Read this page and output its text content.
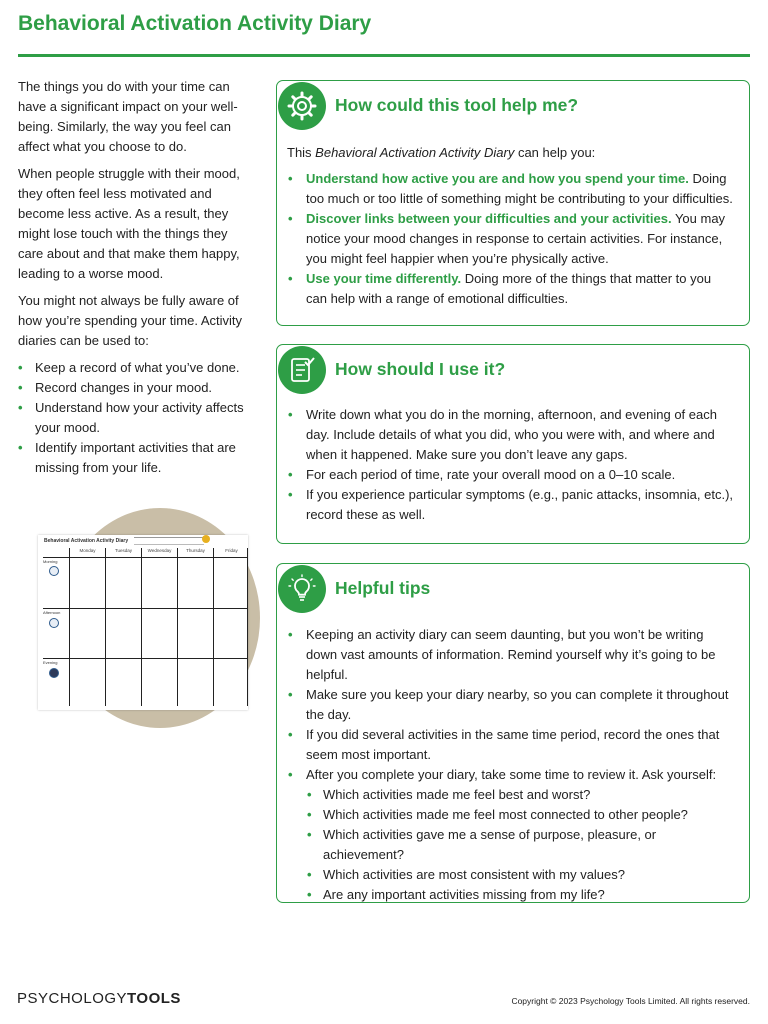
Behavioral Activation Activity Diary

The things you do with your time can have a significant impact on your well-being. Similarly, the way you feel can affect what you choose to do.

When people struggle with their mood, they often feel less motivated and become less active. As a result, they might lose touch with the things they care about and that make them happy, leading to a worse mood.

You might not always be fully aware of how you’re spending your time. Activity diaries can be used to:

• Keep a record of what you’ve done.
• Record changes in your mood.
• Understand how your activity affects your mood.
• Identify important activities that are missing from your life.
Behavioral Activation Activity Diary
Monday	Tuesday	Wednesday	Thursday	Friday
Morning
Afternoon
Evening
How could this tool help me?

This Behavioral Activation Activity Diary can help you:

• Understand how active you are and how you spend your time. Doing too much or too little of something might be contributing to your difficulties.
• Discover links between your difficulties and your activities. You may notice your mood changes in response to certain activities. For instance, you might feel happier when you’re physically active.
• Use your time differently. Doing more of the things that matter to you can help with a range of emotional difficulties.
How should I use it?
• Write down what you do in the morning, afternoon, and evening of each day. Include details of what you did, who you were with, and where and when it happened. Make sure you don’t leave any gaps.
• For each period of time, rate your overall mood on a 0–10 scale.
• If you experience particular symptoms (e.g., panic attacks, insomnia, etc.), record these as well.
Helpful tips
• Keeping an activity diary can seem daunting, but you won’t be writing down vast amounts of information. Remind yourself why it’s going to be helpful.
• Make sure you keep your diary nearby, so you can complete it throughout the day.
• If you did several activities in the same time period, record the ones that seem most important.
• After you complete your diary, take some time to review it. Ask yourself:
• Which activities made me feel best and worst?
• Which activities made me feel most connected to other people?
• Which activities gave me a sense of purpose, pleasure, or achievement?
• Which activities are most consistent with my values?
• Are any important activities missing from my life?
PSYCHOLOGYTOOLS	Copyright © 2023 Psychology Tools Limited. All rights reserved.
